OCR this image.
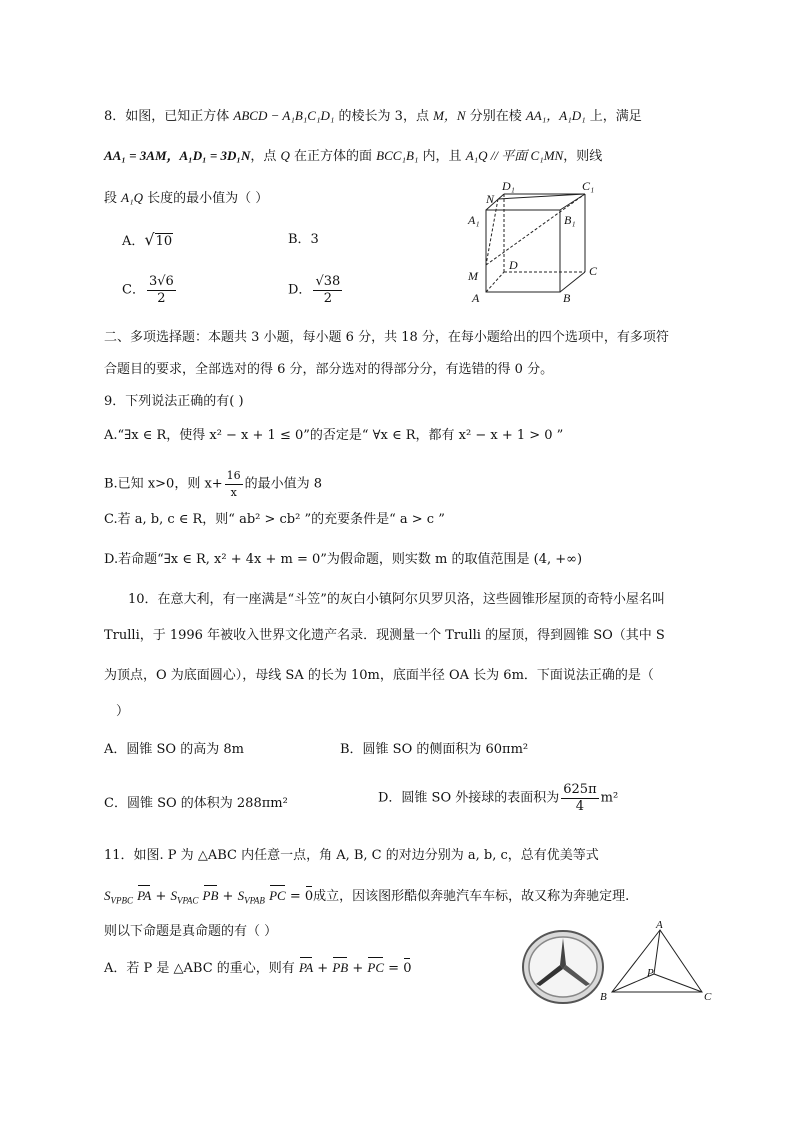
8．如图，已知正方体 ABCD − A₁B₁C₁D₁ 的棱长为 3，点 M，N 分别在棱 AA₁，A₁D₁ 上，满足
AA₁ = 3AM，A₁D₁ = 3D₁N，点 Q 在正方体的面 BCC₁B₁ 内，且 A₁Q // 平面 C₁MN，则线
段 A₁Q 长度的最小值为（ ）
A．√10	B．3
C． $\frac{3√6}{2}$	D． $\frac{√38}{2}$
D₁	C₁
N
A₁	B₁
D	C
M
A	B
二、多项选择题：本题共 3 小题，每小题 6 分，共 18 分，在每小题给出的四个选项中，有多项符
合题目的要求，全部选对的得 6 分，部分选对的得部分分，有选错的得 0 分。
9．下列说法正确的有( )
A.“∃x ∈ R，使得 x² − x + 1 ≤ 0”的否定是“ ∀x ∈ R，都有 x² − x + 1 > 0 ”
B.已知 x>0，则 $x+ \frac{16}{x}$ 的最小值为 8
C.若 a, b, c ∈ R，则“ ab² > cb² ”的充要条件是“ a > c ”
D.若命题“∃x ∈ R, x² + 4x + m = 0”为假命题，则实数 m 的取值范围是 (4, +∞)
10．在意大利，有一座满是“斗笠”的灰白小镇阿尔贝罗贝洛，这些圆锥形屋顶的奇特小屋名叫
Trulli，于 1996 年被收入世界文化遗产名录．现测量一个 Trulli 的屋顶，得到圆锥 SO（其中 S
为顶点，O 为底面圆心），母线 SA 的长为 10m，底面半径 OA 长为 6m．下面说法正确的是（
）
A．圆锥 SO 的高为 8m	B．圆锥 SO 的侧面积为 60πm²
C．圆锥 SO 的体积为 288πm²	D．圆锥 SO 外接球的表面积为 $\frac{625\pi}{4} m^2$
11．如图. P 为 △ABC 内任意一点，角 A, B, C 的对边分别为 a, b, c，总有优美等式
$S_{VPBC}$ PA + $S_{VPAC}$ PB + $S_{VPAB}$ PC = 0成立，因该图形酷似奔驰汽车车标，故又称为奔驰定理.
则以下命题是真命题的有（ ）
A．若 P 是 △ABC 的重心，则有 PA + PB + PC = 0
A
B	C
P
